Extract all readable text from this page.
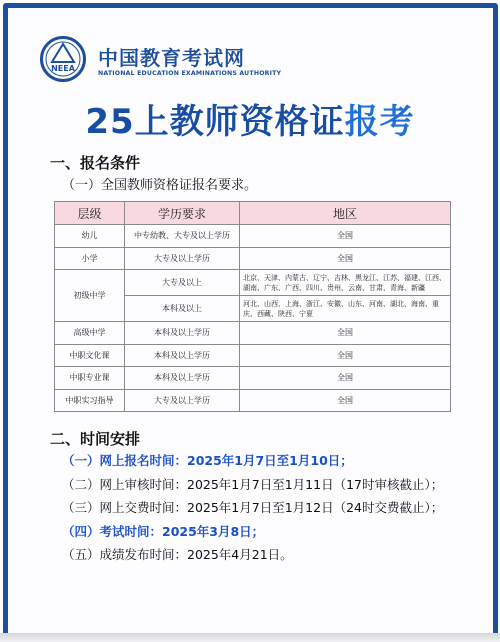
NEEA 中国教育考试网
NATIONAL EDUCATION EXAMINATIONS AUTHORITY
25上教师资格证报考
一、报名条件
（一）全国教师资格证报名要求。
层级	学历要求	地区
幼儿	中专幼教、大专及以上学历	全国
小学	大专及以上学历	全国
初级中学	大专及以上	北京、天津、内蒙古、辽宁、吉林、黑龙江、江苏、福建、江西、湖南、广东、广西、四川、贵州、云南、甘肃、青海、新疆
	本科及以上	河北、山西、上海、浙江、安徽、山东、河南、湖北、海南、重庆、西藏、陕西、宁夏
高级中学	本科及以上学历	全国
中职文化课	本科及以上学历	全国
中职专业课	本科及以上学历	全国
中职实习指导	大专及以上学历	全国
二、时间安排
（一）网上报名时间：2025年1月7日至1月10日；
（二）网上审核时间：2025年1月7日至1月11日（17时审核截止）；
（三）网上交费时间：2025年1月7日至1月12日（24时交费截止）；
（四）考试时间：2025年3月8日；
（五）成绩发布时间：2025年4月21日。
